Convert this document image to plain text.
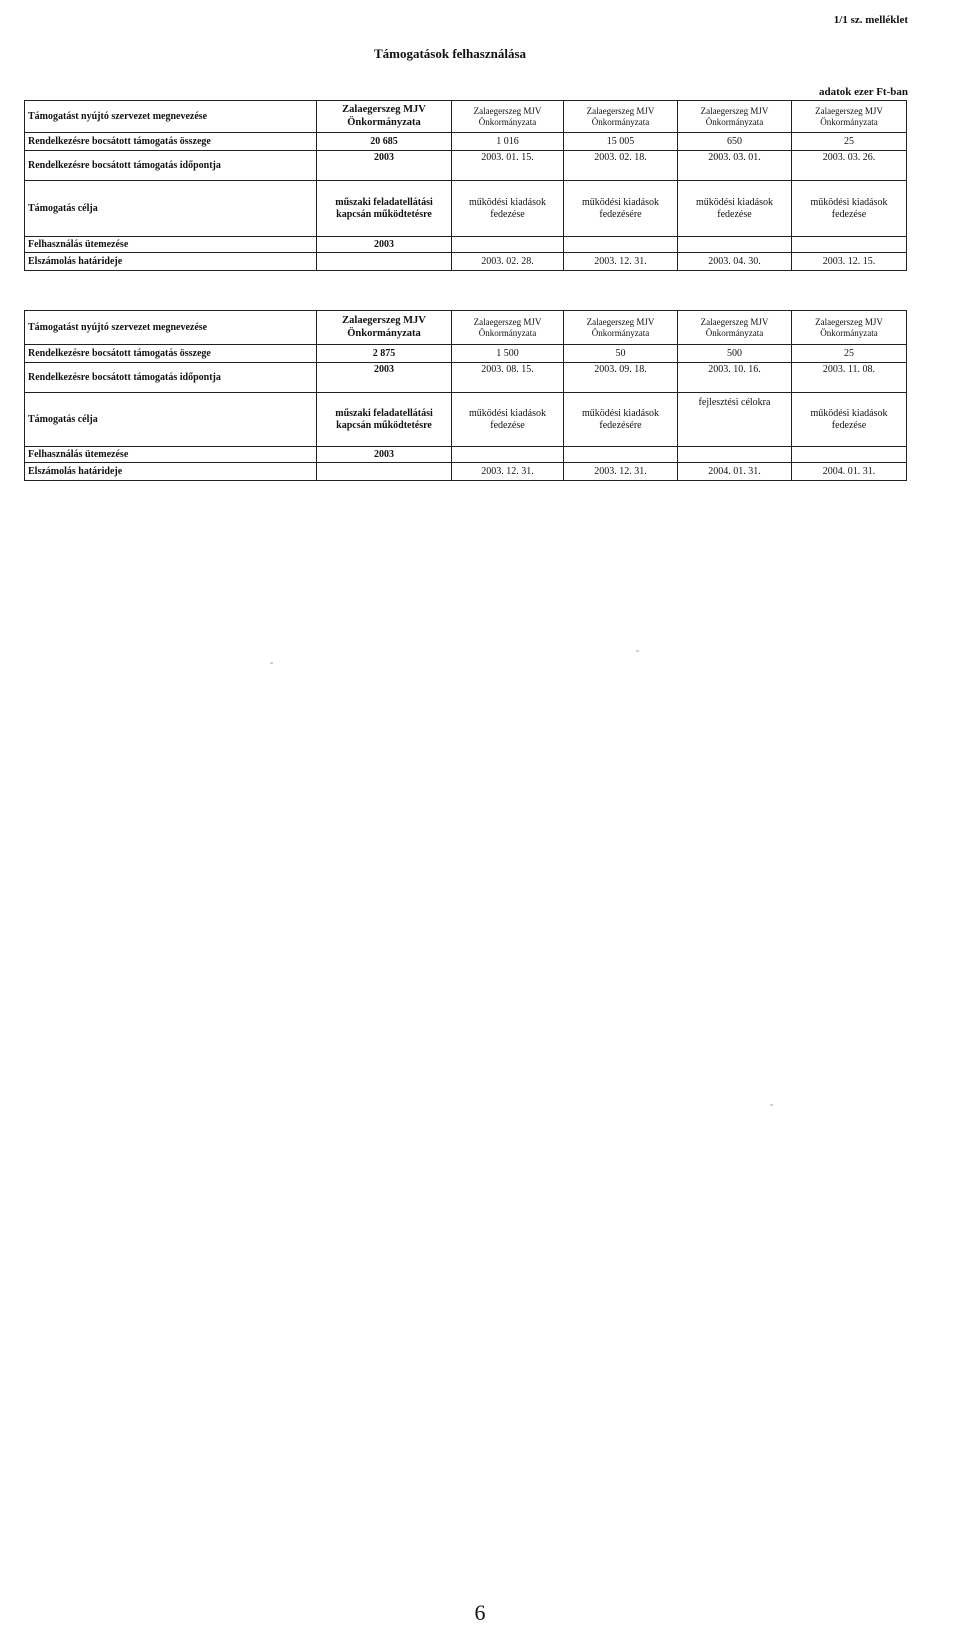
1/1 sz. melléklet
Támogatások felhasználása
adatok ezer Ft-ban
Támogatást nyújtó szervezet megnevezése	Zalaegerszeg MJV Önkormányzata	Zalaegerszeg MJV Önkormányzata	Zalaegerszeg MJV Önkormányzata	Zalaegerszeg MJV Önkormányzata	Zalaegerszeg MJV Önkormányzata
Rendelkezésre bocsátott támogatás összege	20 685	1 016	15 005	650	25
Rendelkezésre bocsátott támogatás időpontja	2003	2003. 01. 15.	2003. 02. 18.	2003. 03. 01.	2003. 03. 26.
Támogatás célja	műszaki feladatellátási kapcsán működtetésre	működési kiadások fedezése	működési kiadások fedezésére	működési kiadások fedezése	működési kiadások fedezése
Felhasználás ütemezése	2003				
Elszámolás határideje		2003. 02. 28.	2003. 12. 31.	2003. 04. 30.	2003. 12. 15.
Támogatást nyújtó szervezet megnevezése	Zalaegerszeg MJV Önkormányzata	Zalaegerszeg MJV Önkormányzata	Zalaegerszeg MJV Önkormányzata	Zalaegerszeg MJV Önkormányzata	Zalaegerszeg MJV Önkormányzata
Rendelkezésre bocsátott támogatás összege	2 875	1 500	50	500	25
Rendelkezésre bocsátott támogatás időpontja	2003	2003. 08. 15.	2003. 09. 18.	2003. 10. 16.	2003. 11. 08.
Támogatás célja	műszaki feladatellátási kapcsán működtetésre	működési kiadások fedezése	működési kiadások fedezésére	fejlesztési célokra	működési kiadások fedezése
Felhasználás ütemezése	2003				
Elszámolás határideje		2003. 12. 31.	2003. 12. 31.	2004. 01. 31.	2004. 01. 31.
6
